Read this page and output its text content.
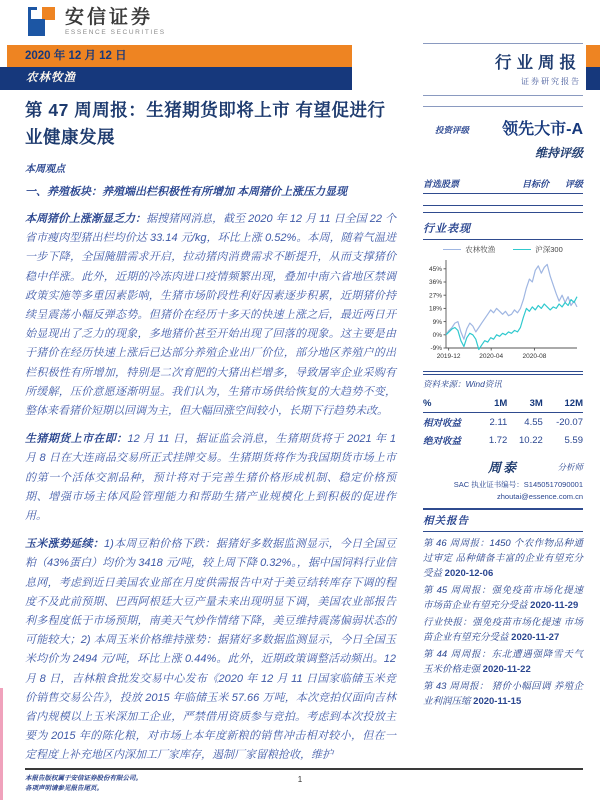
安信证券
ESSENCE SECURITIES
2020 年 12 月 12 日
农林牧渔
第 47 周周报：生猪期货即将上市 有望促进行业健康发展
本周观点
一、养殖板块：养殖端出栏积极性有所增加 本周猪价上涨压力显现
本周猪价上涨渐显乏力：据搜猪网消息，截至 2020 年 12 月 11 日全国 22 个省市瘦肉型猪出栏均价达 33.14 元/kg，环比上涨 0.52%。本周，随着气温进一步下降，全国腌腊需求开启，拉动猪肉消费需求不断提升，从而支撑猪价稳中伴涨。此外，近期的冷冻肉进口疫情频繁出现，叠加中南六省地区禁调政策实施等多重因素影响，生猪市场阶段性利好因素逐步积累，近期猪价持续呈震荡小幅反弹态势。但猪价在经历十多天的快速上涨之后，最近两日开始显现出了乏力的现象，多地猪价甚至开始出现了回落的现象。这主要是由于猪价在经历快速上涨后已达部分养殖企业出厂价位，部分地区养殖户的出栏积极性有所增加，特别是二次育肥的大猪出栏增多，导致屠宰企业采购有所缓解，压价意愿逐渐明显。我们认为，生猪市场供给恢复的大趋势不变，整体来看猪价短期以回调为主，但大幅回涨空间较小，长期下行趋势未改。
生猪期货上市在即：12 月 11 日，据证监会消息，生猪期货将于 2021 年 1 月 8 日在大连商品交易所正式挂牌交易。生猪期货将作为我国期货市场上市的第一个活体交割品种，预计将对于完善生猪价格形成机制、稳定价格预期、增强市场主体风险管理能力和帮助生猪产业规模化上到积极的促进作用。
玉米涨势延续：1)本周豆粕价格下跌：据猪好多数据监测显示，今日全国豆粕（43%蛋白）均价为 3418 元/吨，较上周下降 0.32%。，据中国饲料行业信息网，考虑到近日美国农业部在月度供需报告中对于美豆结转库存下调的程度不及此前预期、巴西阿根廷大豆产量未来出现明显下调，美国农业部报告利多程度低于市场预期，南美天气炒作情绪下降，美豆维持震荡偏弱状态的可能较大；2) 本周玉米价格维持涨势：据猪好多数据监测显示，今日全国玉米均价为 2494 元/吨，环比上涨 0.44%。此外，近期政策调整活动频出。12 月 8 日，吉林粮食批发交易中心发布《2020 年 12 月 11 日国家临储玉米竞价销售交易公告》，投放 2015 年临储玉米 57.66 万吨，本次竞拍仅面向吉林省内规模以上玉米深加工企业，严禁借用资质参与竞拍。考虑到本次投放主要为 2015 年的陈化粮，对市场上本年度新粮的销售冲击相对较小，但在一定程度上补充地区内深加工厂家库存，遏制厂家留粮抢收，维护
行业周报
证券研究报告
投资评级 领先大市-A
维持评级
首选股票	目标价	评级
行业表现
农林牧渔	沪深300
45%
36%
27%
18%
9%
0%
-9%
2019-12	2020-04	2020-08
资料来源：Wind资讯
%	1M	3M	12M
相对收益	2.11	4.55	-20.07
绝对收益	1.72	10.22	5.59
周泰	分析师
SAC 执业证书编号：S1450517090001
zhoutai@essence.com.cn
相关报告
第 46 周周报：1450 个农作物品种通过审定 品种储备丰富的企业有望充分受益 2020-12-06
第 45 周周报：强免疫苗市场化提速 市场苗企业有望充分受益 2020-11-29
行业快报：强免疫苗市场化提速 市场苗企业有望充分受益 2020-11-27
第 44 周周报：东北遭遇强降雪天气 玉米价格走强 2020-11-22
第 43 周周报： 猪价小幅回调 养殖企业利润压缩 2020-11-15
本报告版权属于安信证券股份有限公司。
各项声明请参见报告尾页。
1
